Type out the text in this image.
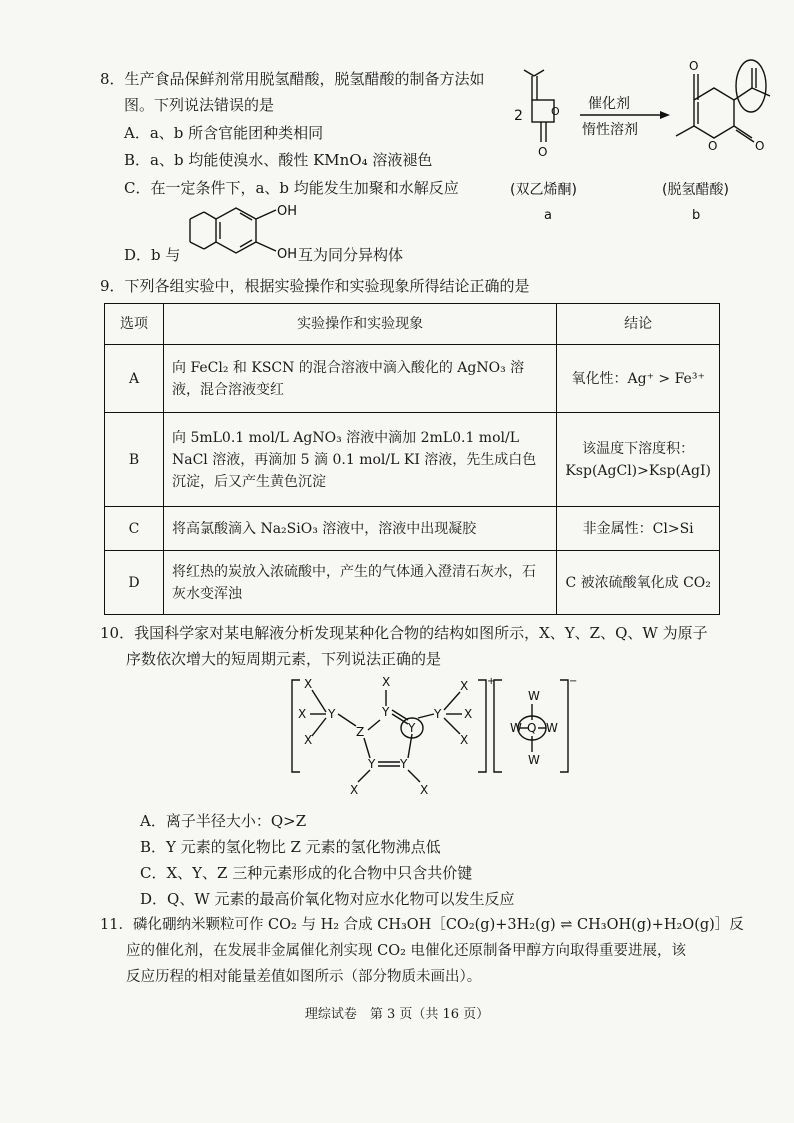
8．生产食品保鲜剂常用脱氢醋酸，脱氢醋酸的制备方法如
图。下列说法错误的是
A．a、b 所含官能团种类相同
B．a、b 均能使溴水、酸性 KMnO₄ 溶液褪色
C．在一定条件下，a、b 均能发生加聚和水解反应
D．b 与	互为同分异构体
OH
OH
2	O
O
催化剂
惰性溶剂
O
O	O
(双乙烯酮)	(脱氢醋酸)
a	b
9．下列各组实验中，根据实验操作和实验现象所得结论正确的是
选项	实验操作和实验现象	结论
A	向 FeCl₂ 和 KSCN 的混合溶液中滴入酸化的 AgNO₃ 溶液，混合溶液变红	氧化性：Ag⁺ > Fe³⁺
B	向 5mL0.1 mol/L AgNO₃ 溶液中滴加 2mL0.1 mol/L NaCl 溶液，再滴加 5 滴 0.1 mol/L KI 溶液，先生成白色沉淀，后又产生黄色沉淀	该温度下溶度积：Ksp(AgCl)>Ksp(AgI)
C	将高氯酸滴入 Na₂SiO₃ 溶液中，溶液中出现凝胶	非金属性：Cl>Si
D	将红热的炭放入浓硫酸中，产生的气体通入澄清石灰水，石灰水变浑浊	C 被浓硫酸氧化成 CO₂
10．我国科学家对某电解液分析发现某种化合物的结构如图所示，X、Y、Z、Q、W 为原子
序数依次增大的短周期元素，下列说法正确的是
X
X
X
Y
X
Y
Z
Y
X
X
X
Y Y
X	X
Y
W
W Q W
W
+	−
A．离子半径大小：Q>Z
B．Y 元素的氢化物比 Z 元素的氢化物沸点低
C．X、Y、Z 三种元素形成的化合物中只含共价键
D．Q、W 元素的最高价氧化物对应水化物可以发生反应
11．磷化硼纳米颗粒可作 CO₂ 与 H₂ 合成 CH₃OH［CO₂(g)+3H₂(g) ⇌ CH₃OH(g)+H₂O(g)］反
应的催化剂，在发展非金属催化剂实现 CO₂ 电催化还原制备甲醇方向取得重要进展，该
反应历程的相对能量差值如图所示（部分物质未画出）。
理综试卷　第 3 页（共 16 页）
